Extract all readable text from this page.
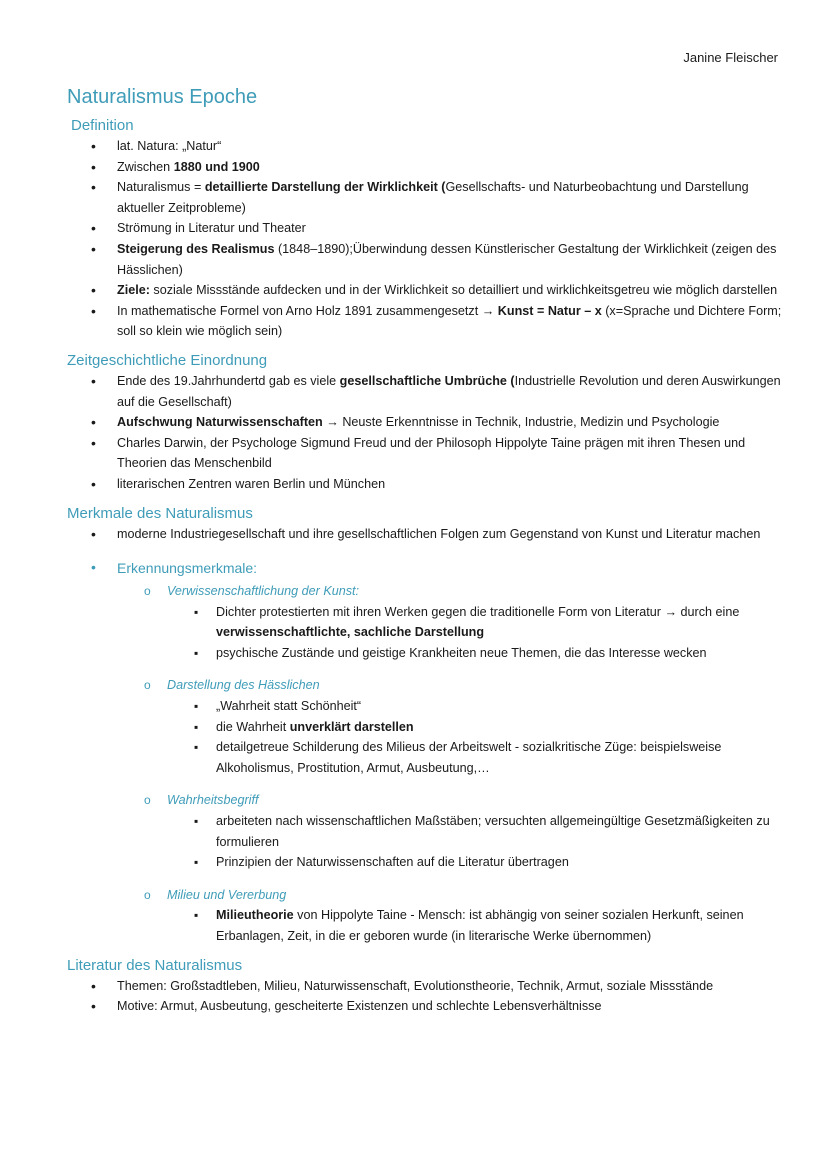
Janine Fleischer
Naturalismus Epoche
Definition
• lat. Natura: „Natur“
• Zwischen 1880 und 1900
• Naturalismus = detaillierte Darstellung der Wirklichkeit (Gesellschafts- und Naturbeobachtung und Darstellung aktueller Zeitprobleme)
• Strömung in Literatur und Theater
• Steigerung des Realismus (1848–1890);Überwindung dessen Künstlerischer Gestaltung der Wirklichkeit (zeigen des Hässlichen)
• Ziele: soziale Missstände aufdecken und in der Wirklichkeit so detailliert und wirklichkeitsgetreu wie möglich darstellen
• In mathematische Formel von Arno Holz 1891 zusammengesetzt → Kunst = Natur – x (x=Sprache und Dichtere Form; soll so klein wie möglich sein)
Zeitgeschichtliche Einordnung
• Ende des 19.Jahrhundertd gab es viele gesellschaftliche Umbrüche (Industrielle Revolution und deren Auswirkungen auf die Gesellschaft)
• Aufschwung Naturwissenschaften → Neuste Erkenntnisse in Technik, Industrie, Medizin und Psychologie
• Charles Darwin, der Psychologe Sigmund Freud und der Philosoph Hippolyte Taine prägen mit ihren Thesen und Theorien das Menschenbild
• literarischen Zentren waren Berlin und München
Merkmale des Naturalismus
• moderne Industriegesellschaft und ihre gesellschaftlichen Folgen zum Gegenstand von Kunst und Literatur machen
• Erkennungsmerkmale:
o Verwissenschaftlichung der Kunst:
▪ Dichter protestierten mit ihren Werken gegen die traditionelle Form von Literatur → durch eine verwissenschaftlichte, sachliche Darstellung
▪ psychische Zustände und geistige Krankheiten neue Themen, die das Interesse wecken
o Darstellung des Hässlichen
▪ „Wahrheit statt Schönheit“
▪ die Wahrheit unverklärt darstellen
▪ detailgetreue Schilderung des Milieus der Arbeitswelt - sozialkritische Züge: beispielsweise Alkoholismus, Prostitution, Armut, Ausbeutung,…
o Wahrheitsbegriff
▪ arbeiteten nach wissenschaftlichen Maßstäben; versuchten allgemeingültige Gesetzmäßigkeiten zu formulieren
▪ Prinzipien der Naturwissenschaften auf die Literatur übertragen
o Milieu und Vererbung
▪ Milieutheorie von Hippolyte Taine - Mensch: ist abhängig von seiner sozialen Herkunft, seinen Erbanlagen, Zeit, in die er geboren wurde (in literarische Werke übernommen)
Literatur des Naturalismus
• Themen: Großstadtleben, Milieu, Naturwissenschaft, Evolutionstheorie, Technik, Armut, soziale Missstände
• Motive: Armut, Ausbeutung, gescheiterte Existenzen und schlechte Lebensverhältnisse
